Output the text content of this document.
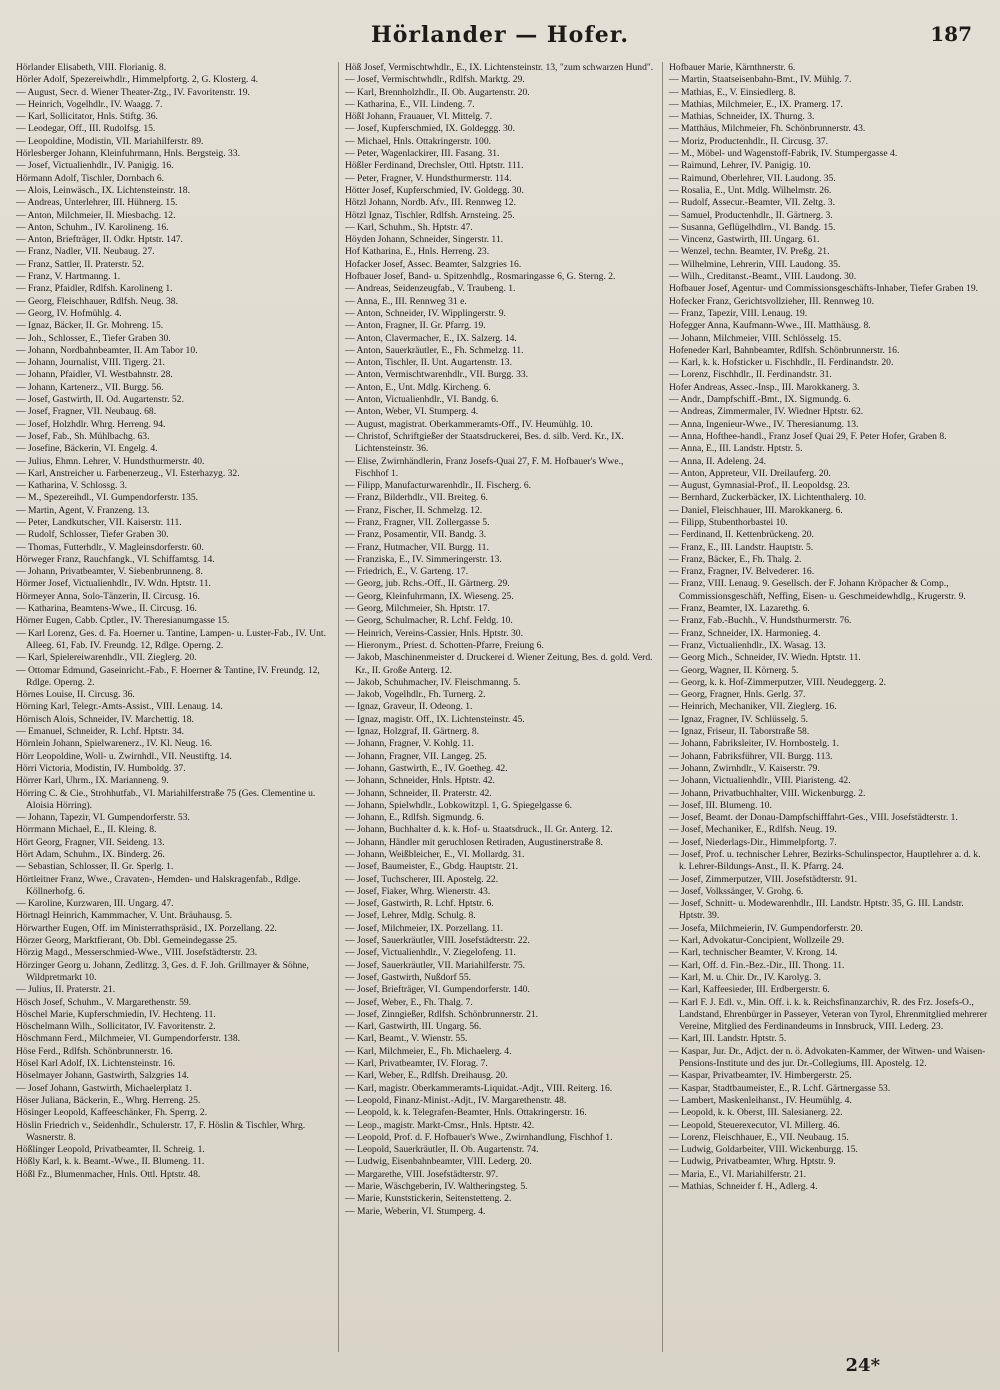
Hörlander — Hofer.	187

Hörlander Elisabeth, VIII. Florianig. 8.

Hörler Adolf, Spezereiwhdlr., Himmelpfortg. 2, G. Klosterg. 4.

— August, Secr. d. Wiener Theater-Ztg., IV. Favoritenstr. 19.

— Heinrich, Vogelhdlr., IV. Waagg. 7.

— Karl, Sollicitator, Hnls. Stiftg. 36.

— Leodegar, Off., III. Rudolfsg. 15.

— Leopoldine, Modistin, VII. Mariahilferstr. 89.

Hörlesberger Johann, Kleinfuhrmann, Hnls. Bergsteig. 33.

— Josef, Victualienhdlr., IV. Panigig. 16.

Hörmann Adolf, Tischler, Dornbach 6.

— Alois, Leinwäsch., IX. Lichtensteinstr. 18.

— Andreas, Unterlehrer, III. Hühnerg. 15.

— Anton, Milchmeier, II. Miesbachg. 12.

— Anton, Schuhm., IV. Karolineng. 16.

— Anton, Briefträger, II. Odkr. Hptstr. 147.

— Franz, Nadler, VII. Neubaug. 27.

— Franz, Sattler, II. Praterstr. 52.

— Franz, V. Hartmanng. 1.

— Franz, Pfaidler, Rdlfsh. Karolineng 1.

— Georg, Fleischhauer, Rdlfsh. Neug. 38.

— Georg, IV. Hofmühlg. 4.

— Ignaz, Bäcker, II. Gr. Mohreng. 15.

— Joh., Schlosser, E., Tiefer Graben 30.

— Johann, Nordbahnbeamter, II. Am Tabor 10.

— Johann, Journalist, VIII. Tigerg. 21.

— Johann, Pfaidler, VI. Westbahnstr. 28.

— Johann, Kartenerz., VII. Burgg. 56.

— Josef, Gastwirth, II. Od. Augartenstr. 52.

— Josef, Fragner, VII. Neubaug. 68.

— Josef, Holzhdlr. Whrg. Herreng. 94.

— Josef, Fab., Sh. Mühlbachg. 63.

— Josefine, Bäckerin, VI. Engelg. 4.

— Julius, Ehmn. Lehrer, V. Hundsthurmerstr. 40.

— Karl, Anstreicher u. Farbenerzeug., VI. Esterhazyg. 32.

— Katharina, V. Schlossg. 3.

— M., Spezereihdl., VI. Gumpendorferstr. 135.

— Martin, Agent, V. Franzeng. 13.

— Peter, Landkutscher, VII. Kaiserstr. 111.

— Rudolf, Schlosser, Tiefer Graben 30.

— Thomas, Futterhdlr., V. Magleinsdorferstr. 60.

Hörweger Franz, Rauchfangk., VI. Schiffamtsg. 14.

— Johann, Privatbeamter, V. Siebenbrunneng. 8.

Hörmer Josef, Victualienhdlr., IV. Wdn. Hptstr. 11.

Hörmeyer Anna, Solo-Tänzerin, II. Circusg. 16.

— Katharina, Beamtens-Wwe., II. Circusg. 16.

Hörner Eugen, Cabb. Cptler., IV. Theresianumgasse 15.

— Karl Lorenz, Ges. d. Fa. Hoerner u. Tantine, Lampen- u. Luster-Fab., IV. Unt. Alleeg. 61, Fab. IV. Freundg. 12, Rdlge. Operng. 2.

— Karl, Spielereiwarenhdlr., VII. Zieglerg. 20.

— Ottomar Edmund, Gaseinricht.-Fab., F. Hoerner & Tantine, IV. Freundg. 12, Rdlge. Operng. 2.

Hörnes Louise, II. Circusg. 36.

Hörning Karl, Telegr.-Amts-Assist., VIII. Lenaug. 14.

Hörnisch Alois, Schneider, IV. Marchettig. 18.

— Emanuel, Schneider, R. Lchf. Hptstr. 34.

Hörnlein Johann, Spielwarenerz., IV. Kl. Neug. 16.

Hörr Leopoldine, Woll- u. Zwirnhdl., VII. Neustiftg. 14.

Hörri Victoria, Modistin, IV. Humboldg. 37.

Hörrer Karl, Uhrm., IX. Marianneng. 9.

Hörring C. & Cie., Strohhutfab., VI. Mariahilferstraße 75 (Ges. Clementine u. Aloisia Hörring).

— Johann, Tapezir, VI. Gumpendorferstr. 53.

Hörrmann Michael, E., II. Kleing. 8.

Hört Georg, Fragner, VII. Seideng. 13.

Hört Adam, Schuhm., IX. Binderg. 26.

— Sebastian, Schlosser, II. Gr. Sperlg. 1.

Hörtleitner Franz, Wwe., Cravaten-, Hemden- und Halskragenfab., Rdlge. Köllnerhofg. 6.

— Karoline, Kurzwaren, III. Ungarg. 47.

Hörtnagl Heinrich, Kammmacher, V. Unt. Bräuhausg. 5.

Hörwarther Eugen, Off. im Ministerrathspräsid., IX. Porzellang. 22.

Hörzer Georg, Marktfierant, Ob. Dbl. Gemeindegasse 25.

Hörzig Magd., Messerschmied-Wwe., VIII. Josefstädterstr. 23.

Hörzinger Georg u. Johann, Zedlitzg. 3, Ges. d. F. Joh. Grillmayer & Söhne, Wildpretmarkt 10.

— Julius, II. Praterstr. 21.

Hösch Josef, Schuhm., V. Margarethenstr. 59.

Höschel Marie, Kupferschmiedin, IV. Hechteng. 11.

Höschelmann Wilh., Sollicitator, IV. Favoritenstr. 2.

Höschmann Ferd., Milchmeier, VI. Gumpendorferstr. 138.

Höse Ferd., Rdlfsh. Schönbrunnerstr. 16.

Hösel Karl Adolf, IX. Lichtensteinstr. 16.

Höselmayer Johann, Gastwirth, Salzgries 14.

— Josef Johann, Gastwirth, Michaelerplatz 1.

Höser Juliana, Bäckerin, E., Whrg. Herreng. 25.

Hösinger Leopold, Kaffeeschänker, Fh. Sperrg. 2.

Höslin Friedrich v., Seidenhdlr., Schulerstr. 17, F. Höslin & Tischler, Whrg. Wasnerstr. 8.

Hößlinger Leopold, Privatbeamter, II. Schreig. 1.

Hößly Karl, k. k. Beamt.-Wwe., II. Blumeng. 11.

Hößl Fz., Blumenmacher, Hnls. Ottl. Hptstr. 48.

Höß Josef, Vermischtwhdlr., E., IX. Lichtensteinstr. 13, "zum schwarzen Hund".

— Josef, Vermischtwhdlr., Rdlfsh. Marktg. 29.

— Karl, Brennholzhdlr., II. Ob. Augartenstr. 20.

— Katharina, E., VII. Lindeng. 7.

Hößl Johann, Frauauer, VI. Mittelg. 7.

— Josef, Kupferschmied, IX. Goldeggg. 30.

— Michael, Hnls. Ottakringerstr. 100.

— Peter, Wagenlackirer, III. Fasang. 31.

Hößler Ferdinand, Drechsler, Ottl. Hptstr. 111.

— Peter, Fragner, V. Hundsthurmerstr. 114.

Hötter Josef, Kupferschmied, IV. Goldegg. 30.

Hötzl Johann, Nordb. Afv., III. Rennweg 12.

Hötzl Ignaz, Tischler, Rdlfsh. Arnsteing. 25.

— Karl, Schuhm., Sh. Hptstr. 47.

Höyden Johann, Schneider, Singerstr. 11.

Hof Katharina, E., Hnls. Herreng. 23.

Hofacker Josef, Assec. Beamter, Salzgries 16.

Hofbauer Josef, Band- u. Spitzenhdlg., Rosmaringasse 6, G. Sterng. 2.

— Andreas, Seidenzeugfab., V. Traubeng. 1.

— Anna, E., III. Rennweg 31 e.

— Anton, Schneider, IV. Wipplingerstr. 9.

— Anton, Fragner, II. Gr. Pfarrg. 19.

— Anton, Clavermacher, E., IX. Salzerg. 14.

— Anton, Sauerkräutler, E., Fh. Schmelzg. 11.

— Anton, Tischler, II. Unt. Augartenstr. 13.

— Anton, Vermischtwarenhdlr., VII. Burgg. 33.

— Anton, E., Unt. Mdlg. Kircheng. 6.

— Anton, Victualienhdlr., VI. Bandg. 6.

— Anton, Weber, VI. Stumperg. 4.

— August, magistrat. Oberkammeramts-Off., IV. Heumühlg. 10.

— Christof, Schriftgießer der Staatsdruckerei, Bes. d. silb. Verd. Kr., IX. Lichtensteinstr. 36.

— Elise, Zwirnhändlerin, Franz Josefs-Quai 27, F. M. Hofbauer's Wwe., Fischhof 1.

— Filipp, Manufacturwarenhdlr., II. Fischerg. 6.

— Franz, Bilderhdlr., VII. Breiteg. 6.

— Franz, Fischer, II. Schmelzg. 12.

— Franz, Fragner, VII. Zollergasse 5.

— Franz, Posamentir, VII. Bandg. 3.

— Franz, Hutmacher, VII. Burgg. 11.

— Franziska, E., IV. Simmeringerstr. 13.

— Friedrich, E., V. Garteng. 17.

— Georg, jub. Rchs.-Off., II. Gärtnerg. 29.

— Georg, Kleinfuhrmann, IX. Wieseng. 25.

— Georg, Milchmeier, Sh. Hptstr. 17.

— Georg, Schulmacher, R. Lchf. Feldg. 10.

— Heinrich, Vereins-Cassier, Hnls. Hptstr. 30.

— Hieronym., Priest. d. Schotten-Pfarre, Freiung 6.

— Jakob, Maschinenmeister d. Druckerei d. Wiener Zeitung, Bes. d. gold. Verd. Kr., II. Große Anterg. 12.

— Jakob, Schuhmacher, IV. Fleischmanng. 5.

— Jakob, Vogelhdlr., Fh. Turnerg. 2.

— Ignaz, Graveur, II. Odeong. 1.

— Ignaz, magistr. Off., IX. Lichtensteinstr. 45.

— Ignaz, Holzgraf, II. Gärtnerg. 8.

— Johann, Fragner, V. Kohlg. 11.

— Johann, Fragner, VII. Langeg. 25.

— Johann, Gastwirth, E., IV. Goetheg. 42.

— Johann, Schneider, Hnls. Hptstr. 42.

— Johann, Schneider, II. Praterstr. 42.

— Johann, Spielwhdlr., Lobkowitzpl. 1, G. Spiegelgasse 6.

— Johann, E., Rdlfsh. Sigmundg. 6.

— Johann, Buchhalter d. k. k. Hof- u. Staatsdruck., II. Gr. Anterg. 12.

— Johann, Händler mit geruchlosen Retiraden, Augustinerstraße 8.

— Johann, Weißbleicher, E., VI. Mollardg. 31.

— Josef, Baumeister, E., Gbdg. Hauptstr. 21.

— Josef, Tuchscherer, III. Apostelg. 22.

— Josef, Fiaker, Whrg. Wienerstr. 43.

— Josef, Gastwirth, R. Lchf. Hptstr. 6.

— Josef, Lehrer, Mdlg. Schulg. 8.

— Josef, Milchmeier, IX. Porzellang. 11.

— Josef, Sauerkräutler, VIII. Josefstädterstr. 22.

— Josef, Victualienhdlr., V. Ziegelofeng. 11.

— Josef, Sauerkräutler, VII. Mariahilferstr. 75.

— Josef, Gastwirth, Nußdorf 55.

— Josef, Briefträger, VI. Gumpendorferstr. 140.

— Josef, Weber, E., Fh. Thalg. 7.

— Josef, Zinngießer, Rdlfsh. Schönbrunnerstr. 21.

— Karl, Gastwirth, III. Ungarg. 56.

— Karl, Beamt., V. Wienstr. 55.

— Karl, Milchmeier, E., Fh. Michaelerg. 4.

— Karl, Privatbeamter, IV. Florag. 7.

— Karl, Weber, E., Rdlfsh. Dreihausg. 20.

— Karl, magistr. Oberkammeramts-Liquidat.-Adjt., VIII. Reiterg. 16.

— Leopold, Finanz-Minist.-Adjt., IV. Margarethenstr. 48.

— Leopold, k. k. Telegrafen-Beamter, Hnls. Ottakringerstr. 16.

— Leop., magistr. Markt-Cmsr., Hnls. Hptstr. 42.

— Leopold, Prof. d. F. Hofbauer's Wwe., Zwirnhandlung, Fischhof 1.

— Leopold, Sauerkräutler, II. Ob. Augartenstr. 74.

— Ludwig, Eisenbahnbeamter, VIII. Lederg. 20.

— Margarethe, VIII. Josefstädterstr. 97.

— Marie, Wäschgeberin, IV. Waltheringsteg. 5.

— Marie, Kunststickerin, Seitenstetteng. 2.

— Marie, Weberin, VI. Stumperg. 4.

Hofbauer Marie, Kärnthnerstr. 6.

— Martin, Staatseisenbahn-Bmt., IV. Mühlg. 7.

— Mathias, E., V. Einsiedlerg. 8.

— Mathias, Milchmeier, E., IX. Pramerg. 17.

— Mathias, Schneider, IX. Thurng. 3.

— Matthäus, Milchmeier, Fh. Schönbrunnerstr. 43.

— Moriz, Productenhdlr., II. Circusg. 37.

— M., Möbel- und Wagenstoff-Fabrik, IV. Stumpergasse 4.

— Raimund, Lehrer, IV. Panigig. 10.

— Raimund, Oberlehrer, VII. Laudong. 35.

— Rosalia, E., Unt. Mdlg. Wilhelmstr. 26.

— Rudolf, Assecur.-Beamter, VII. Zeltg. 3.

— Samuel, Productenhdlr., II. Gärtnerg. 3.

— Susanna, Geflügelhdlrn., VI. Bandg. 15.

— Vincenz, Gastwirth, III. Ungarg. 61.

— Wenzel, techn. Beamter, IV. Preßg. 21.

— Wilhelmine, Lehrerin, VIII. Laudong. 35.

— Wilh., Creditanst.-Beamt., VIII. Laudong. 30.

Hofbauer Josef, Agentur- und Commissionsgeschäfts-Inhaber, Tiefer Graben 19.

Hofecker Franz, Gerichtsvollzieher, III. Rennweg 10.

— Franz, Tapezir, VIII. Lenaug. 19.

Hofegger Anna, Kaufmann-Wwe., III. Matthäusg. 8.

— Johann, Milchmeier, VIII. Schlösselg. 15.

Hofeneder Karl, Bahnbeamter, Rdlfsh. Schönbrunnerstr. 16.

— Karl, k. k. Hofsticker u. Fischhdlr., II. Ferdinandstr. 20.

— Lorenz, Fischhdlr., II. Ferdinandstr. 31.

Hofer Andreas, Assec.-Insp., III. Marokkanerg. 3.

— Andr., Dampfschiff.-Bmt., IX. Sigmundg. 6.

— Andreas, Zimmermaler, IV. Wiedner Hptstr. 62.

— Anna, Ingenieur-Wwe., IV. Theresianumg. 13.

— Anna, Hofthee-handl., Franz Josef Quai 29, F. Peter Hofer, Graben 8.

— Anna, E., III. Landstr. Hptstr. 5.

— Anna, II. Adeleng. 24.

— Anton, Appreteur, VII. Dreilauferg. 20.

— August, Gymnasial-Prof., II. Leopoldsg. 23.

— Bernhard, Zuckerbäcker, IX. Lichtenthalerg. 10.

— Daniel, Fleischhauer, III. Marokkanerg. 6.

— Filipp, Stubenthorbastei 10.

— Ferdinand, II. Kettenbrückeng. 20.

— Franz, E., III. Landstr. Hauptstr. 5.

— Franz, Bäcker, E., Fh. Thalg. 2.

— Franz, Fragner, IV. Belvederег. 16.

— Franz, VIII. Lenaug. 9. Gesellsch. der F. Johann Kröpacher & Comp., Commissionsgeschäft, Neffing, Eisen- u. Geschmeidewhdlg., Krugerstr. 9.

— Franz, Beamter, IX. Lazarethg. 6.

— Franz, Fab.-Buchh., V. Hundsthurmerstr. 76.

— Franz, Schneider, IX. Harmonieg. 4.

— Franz, Victualienhdlr., IX. Wasag. 13.

— Georg Mich., Schneider, IV. Wiedn. Hptstr. 11.

— Georg, Wagner, II. Körnerg. 5.

— Georg, k. k. Hof-Zimmerputzer, VIII. Neudeggerg. 2.

— Georg, Fragner, Hnls. Gerlg. 37.

— Heinrich, Mechaniker, VII. Zieglerg. 16.

— Ignaz, Fragner, IV. Schlüsselg. 5.

— Ignaz, Friseur, II. Taborstraße 58.

— Johann, Fabriksleiter, IV. Hornbostelg. 1.

— Johann, Fabriksführer, VII. Burgg. 113.

— Johann, Zwirnhdlr., V. Kaiserstr. 79.

— Johann, Victualienhdlr., VIII. Piaristeng. 42.

— Johann, Privatbuchhalter, VIII. Wickenburgg. 2.

— Josef, III. Blumeng. 10.

— Josef, Beamt. der Donau-Dampfschifffahrt-Ges., VIII. Josefstädterstr. 1.

— Josef, Mechaniker, E., Rdlfsh. Neug. 19.

— Josef, Niederlags-Dir., Himmelpfortg. 7.

— Josef, Prof. u. technischer Lehrer, Bezirks-Schulinspector, Hauptlehrer a. d. k. k. Lehrer-Bildungs-Anst., II. K. Pfarrg. 24.

— Josef, Zimmerputzer, VIII. Josefstädterstr. 91.

— Josef, Volkssänger, V. Grohg. 6.

— Josef, Schnitt- u. Modewarenhdlr., III. Landstr. Hptstr. 35, G. III. Landstr. Hptstr. 39.

— Josefa, Milchmeierin, IV. Gumpendorferstr. 20.

— Karl, Advokatur-Concipient, Wollzeile 29.

— Karl, technischer Beamter, V. Krong. 14.

— Karl, Off. d. Fin.-Bez.-Dir., III. Thong. 11.

— Karl, M. u. Chir. Dr., IV. Karolyg. 3.

— Karl, Kaffeesieder, III. Erdbergerstr. 6.

— Karl F. J. Edl. v., Min. Off. i. k. k. Reichsfinanzarchiv, R. des Frz. Josefs-O., Landstand, Ehrenbürger in Passeyer, Veteran von Tyrol, Ehrenmitglied mehrerer Vereine, Mitglied des Ferdinandeums in Innsbruck, VIII. Lederg. 23.

— Karl, III. Landstr. Hptstr. 5.

— Kaspar, Jur. Dr., Adjct. der n. ö. Advokaten-Kammer, der Witwen- und Waisen-Pensions-Institute und des jur. Dr.-Collegiums, III. Apostelg. 12.

— Kaspar, Privatbeamter, IV. Himbergerstr. 25.

— Kaspar, Stadtbaumeister, E., R. Lchf. Gärtnergasse 53.

— Lambert, Maskenleihanst., IV. Heumühlg. 4.

— Leopold, k. k. Oberst, III. Salesianerg. 22.

— Leopold, Steuerexecutor, VI. Millerg. 46.

— Lorenz, Fleischhauer, E., VII. Neubaug. 15.

— Ludwig, Goldarbeiter, VIII. Wickenburgg. 15.

— Ludwig, Privatbeamter, Whrg. Hptstr. 9.

— Maria, E., VI. Mariahilferstr. 21.

— Mathias, Schneider f. H., Adlerg. 4.

24*
